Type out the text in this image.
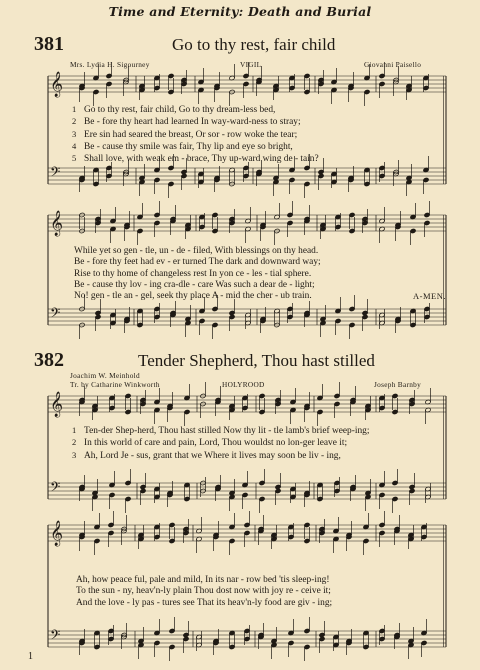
Time and Eternity: Death and Burial
381	Go to thy rest, fair child
Mrs. Lydia H. Sigourney	VIGIL	Giovanni Paisello
𝄞
𝄢
𝄞
𝄢
𝄞
𝄢
𝄞
𝄢
1 Go to thy rest, fair child, Go to thy dream-less bed,
2 Be - fore thy heart had learned In way-ward-ness to stray;
3 Ere sin had seared the breast, Or sor - row woke the tear;
4 Be - cause thy smile was fair, Thy lip and eye so bright,
5 Shall love, with weak em - brace, Thy up-ward wing de - tain?
While yet so gen - tle, un - de - filed, With blessings on thy head.
Be - fore thy feet had ev - er turned The dark and downward way;
Rise to thy home of changeless rest In yon ce - les - tial sphere.
Be - cause thy lov - ing cra-dle - care Was such a dear de - light;
No! gen - tle an - gel, seek thy place A - mid the cher - ub train.	A-MEN.
382	Tender Shepherd, Thou hast stilled
Joachim W. Meinhold
Tr. by Catharine Winkworth	HOLYROOD	Joseph Barnby
1 Ten-der Shep-herd, Thou hast stilled Now thy lit - tle lamb's brief weep-ing;
2 In this world of care and pain, Lord, Thou wouldst no lon-ger leave it;
3 Ah, Lord Je - sus, grant that we Where it lives may soon be liv - ing,
Ah, how peace ful, pale and mild, In its nar - row bed 'tis sleep-ing!
To the sun - ny, heav'n-ly plain Thou dost now with joy re - ceive it;
And the love - ly pas - tures see That its heav'n-ly food are giv - ing;
1
